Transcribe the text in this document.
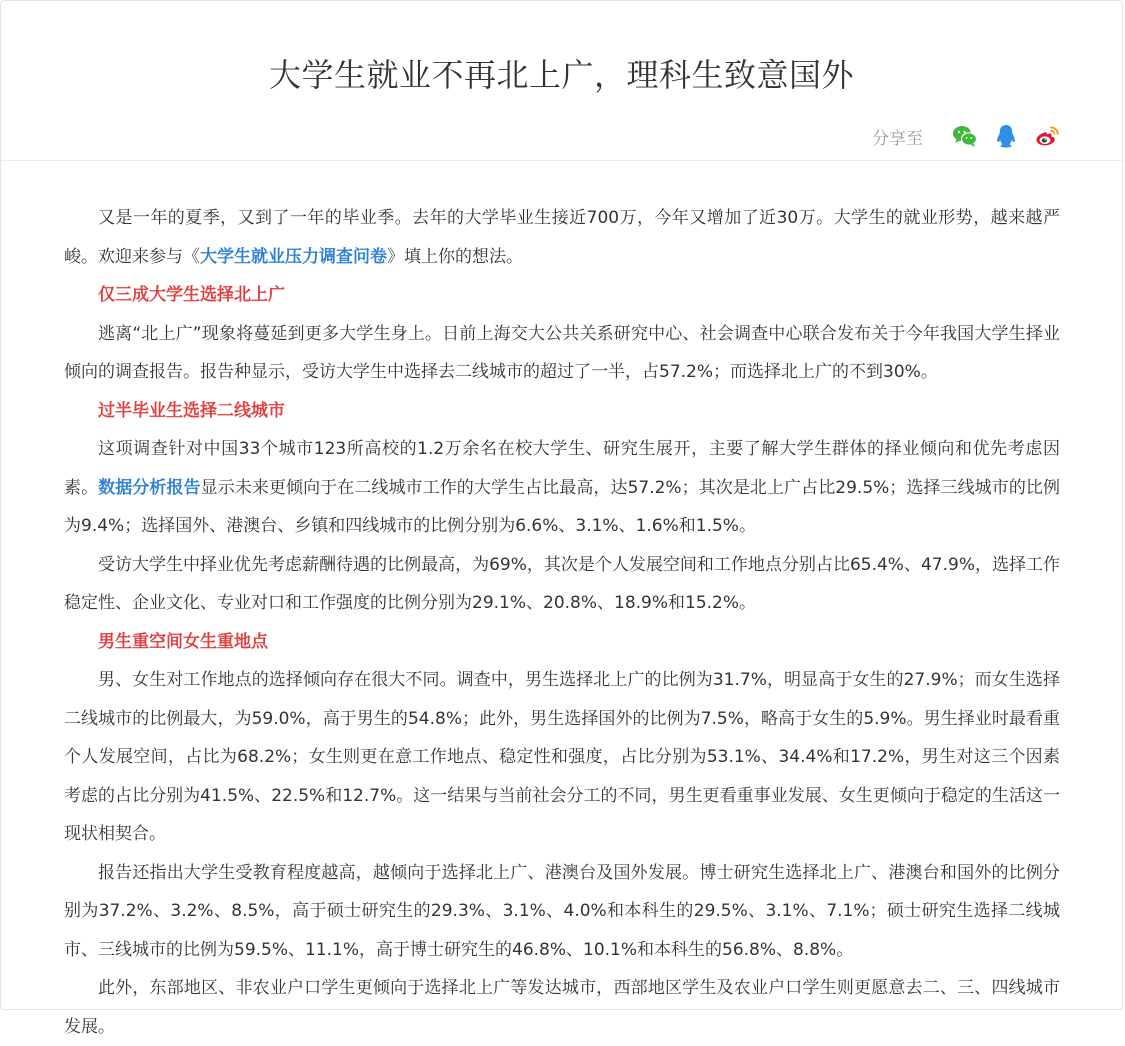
大学生就业不再北上广，理科生致意国外
分享至

又是一年的夏季，又到了一年的毕业季。去年的大学毕业生接近700万，今年又增加了近30万。大学生的就业形势，越来越严峻。欢迎来参与《大学生就业压力调查问卷》填上你的想法。

仅三成大学生选择北上广

逃离“北上广”现象将蔓延到更多大学生身上。日前上海交大公共关系研究中心、社会调查中心联合发布关于今年我国大学生择业倾向的调查报告。报告种显示，受访大学生中选择去二线城市的超过了一半，占57.2%；而选择北上广的不到30%。

过半毕业生选择二线城市

这项调查针对中国33个城市123所高校的1.2万余名在校大学生、研究生展开，主要了解大学生群体的择业倾向和优先考虑因素。数据分析报告显示未来更倾向于在二线城市工作的大学生占比最高，达57.2%；其次是北上广占比29.5%；选择三线城市的比例为9.4%；选择国外、港澳台、乡镇和四线城市的比例分别为6.6%、3.1%、1.6%和1.5%。

受访大学生中择业优先考虑薪酬待遇的比例最高，为69%，其次是个人发展空间和工作地点分别占比65.4%、47.9%，选择工作稳定性、企业文化、专业对口和工作强度的比例分别为29.1%、20.8%、18.9%和15.2%。

男生重空间女生重地点

男、女生对工作地点的选择倾向存在很大不同。调查中，男生选择北上广的比例为31.7%，明显高于女生的27.9%；而女生选择二线城市的比例最大，为59.0%，高于男生的54.8%；此外，男生选择国外的比例为7.5%，略高于女生的5.9%。男生择业时最看重个人发展空间，占比为68.2%；女生则更在意工作地点、稳定性和强度，占比分别为53.1%、34.4%和17.2%，男生对这三个因素考虑的占比分别为41.5%、22.5%和12.7%。这一结果与当前社会分工的不同，男生更看重事业发展、女生更倾向于稳定的生活这一现状相契合。

报告还指出大学生受教育程度越高，越倾向于选择北上广、港澳台及国外发展。博士研究生选择北上广、港澳台和国外的比例分别为37.2%、3.2%、8.5%，高于硕士研究生的29.3%、3.1%、4.0%和本科生的29.5%、3.1%、7.1%；硕士研究生选择二线城市、三线城市的比例为59.5%、11.1%，高于博士研究生的46.8%、10.1%和本科生的56.8%、8.8%。

此外，东部地区、非农业户口学生更倾向于选择北上广等发达城市，西部地区学生及农业户口学生则更愿意去二、三、四线城市发展。
